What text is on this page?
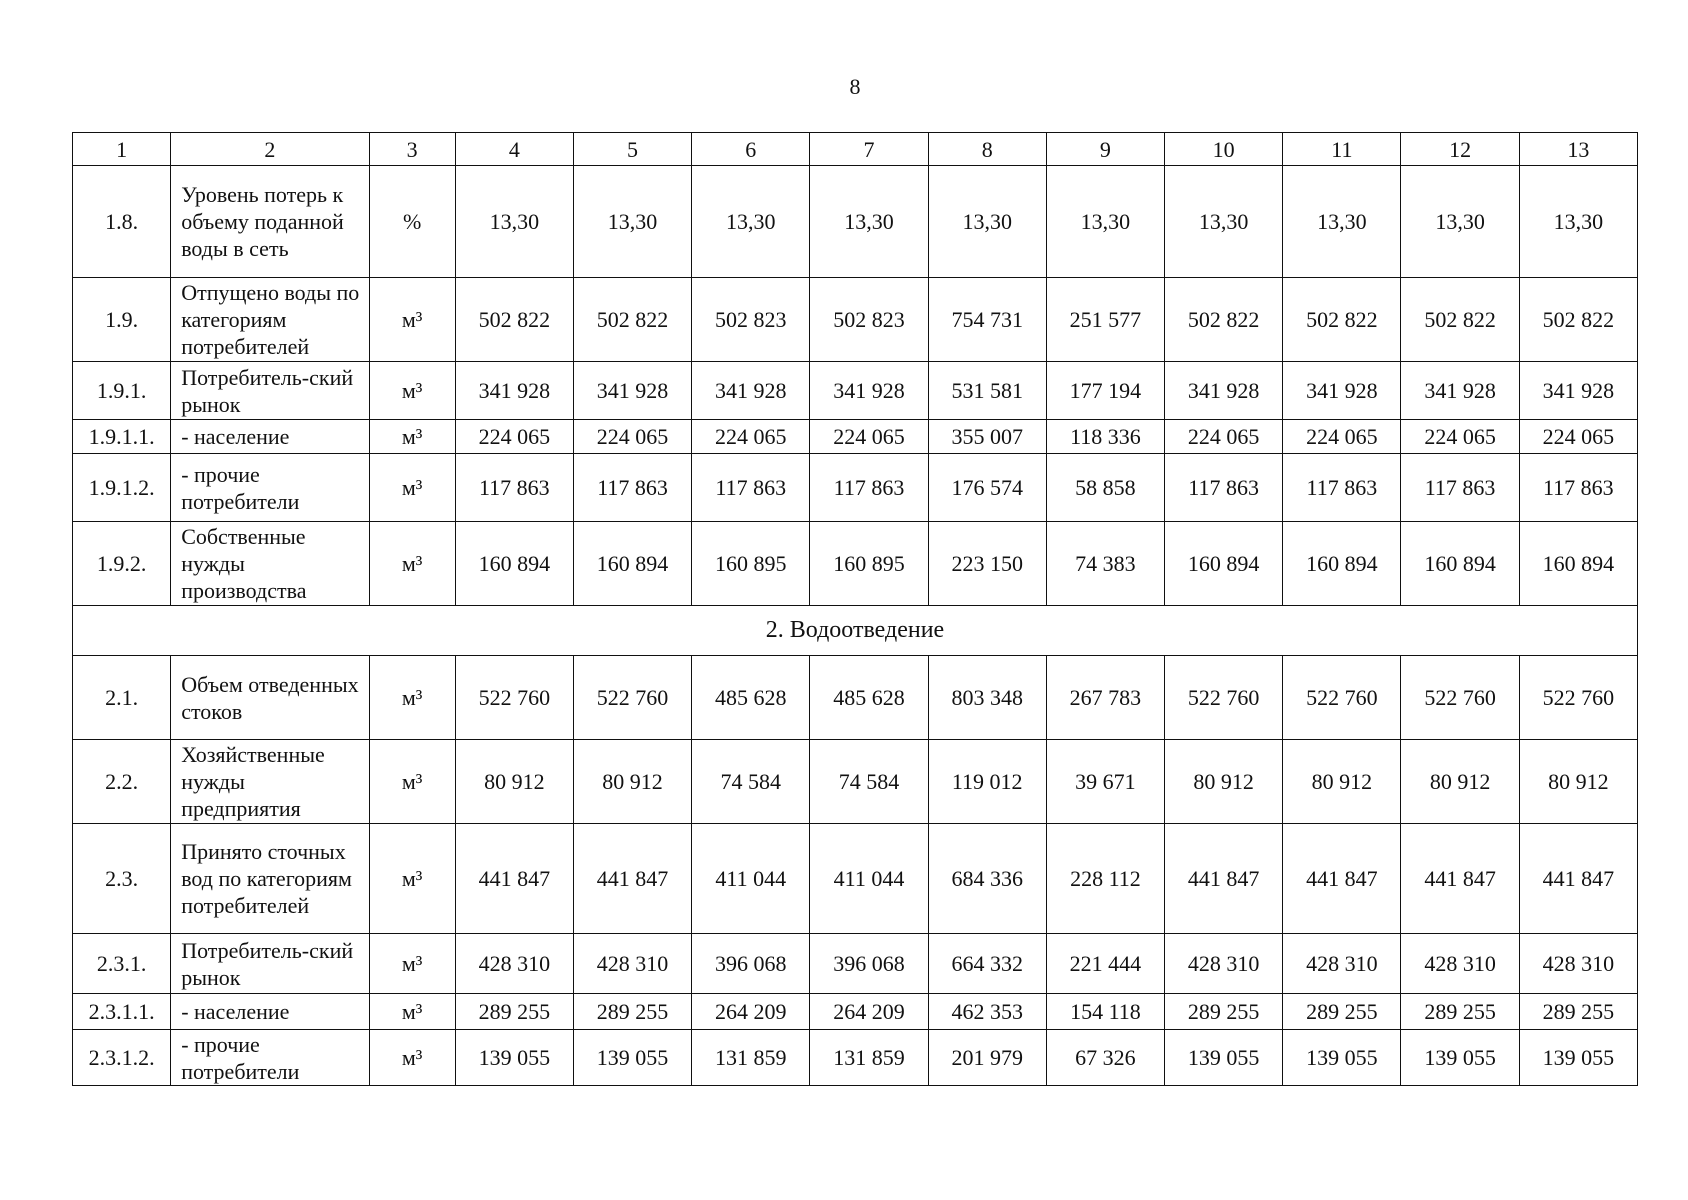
8
1	2	3	4	5	6	7	8	9	10	11	12	13
1.8.	Уровень потерь к объему поданной воды в сеть	%	13,30	13,30	13,30	13,30	13,30	13,30	13,30	13,30	13,30	13,30
1.9.	Отпущено воды по категориям потребителей	м³	502 822	502 822	502 823	502 823	754 731	251 577	502 822	502 822	502 822	502 822
1.9.1.	Потребитель-ский рынок	м³	341 928	341 928	341 928	341 928	531 581	177 194	341 928	341 928	341 928	341 928
1.9.1.1.	- население	м³	224 065	224 065	224 065	224 065	355 007	118 336	224 065	224 065	224 065	224 065
1.9.1.2.	- прочие потребители	м³	117 863	117 863	117 863	117 863	176 574	58 858	117 863	117 863	117 863	117 863
1.9.2.	Собственные нужды производства	м³	160 894	160 894	160 895	160 895	223 150	74 383	160 894	160 894	160 894	160 894
2. Водоотведение												
2.1.	Объем отведенных стоков	м³	522 760	522 760	485 628	485 628	803 348	267 783	522 760	522 760	522 760	522 760
2.2.	Хозяйственные нужды предприятия	м³	80 912	80 912	74 584	74 584	119 012	39 671	80 912	80 912	80 912	80 912
2.3.	Принято сточных вод по категориям потребителей	м³	441 847	441 847	411 044	411 044	684 336	228 112	441 847	441 847	441 847	441 847
2.3.1.	Потребитель-ский рынок	м³	428 310	428 310	396 068	396 068	664 332	221 444	428 310	428 310	428 310	428 310
2.3.1.1.	- население	м³	289 255	289 255	264 209	264 209	462 353	154 118	289 255	289 255	289 255	289 255
2.3.1.2.	- прочие потребители	м³	139 055	139 055	131 859	131 859	201 979	67 326	139 055	139 055	139 055	139 055
